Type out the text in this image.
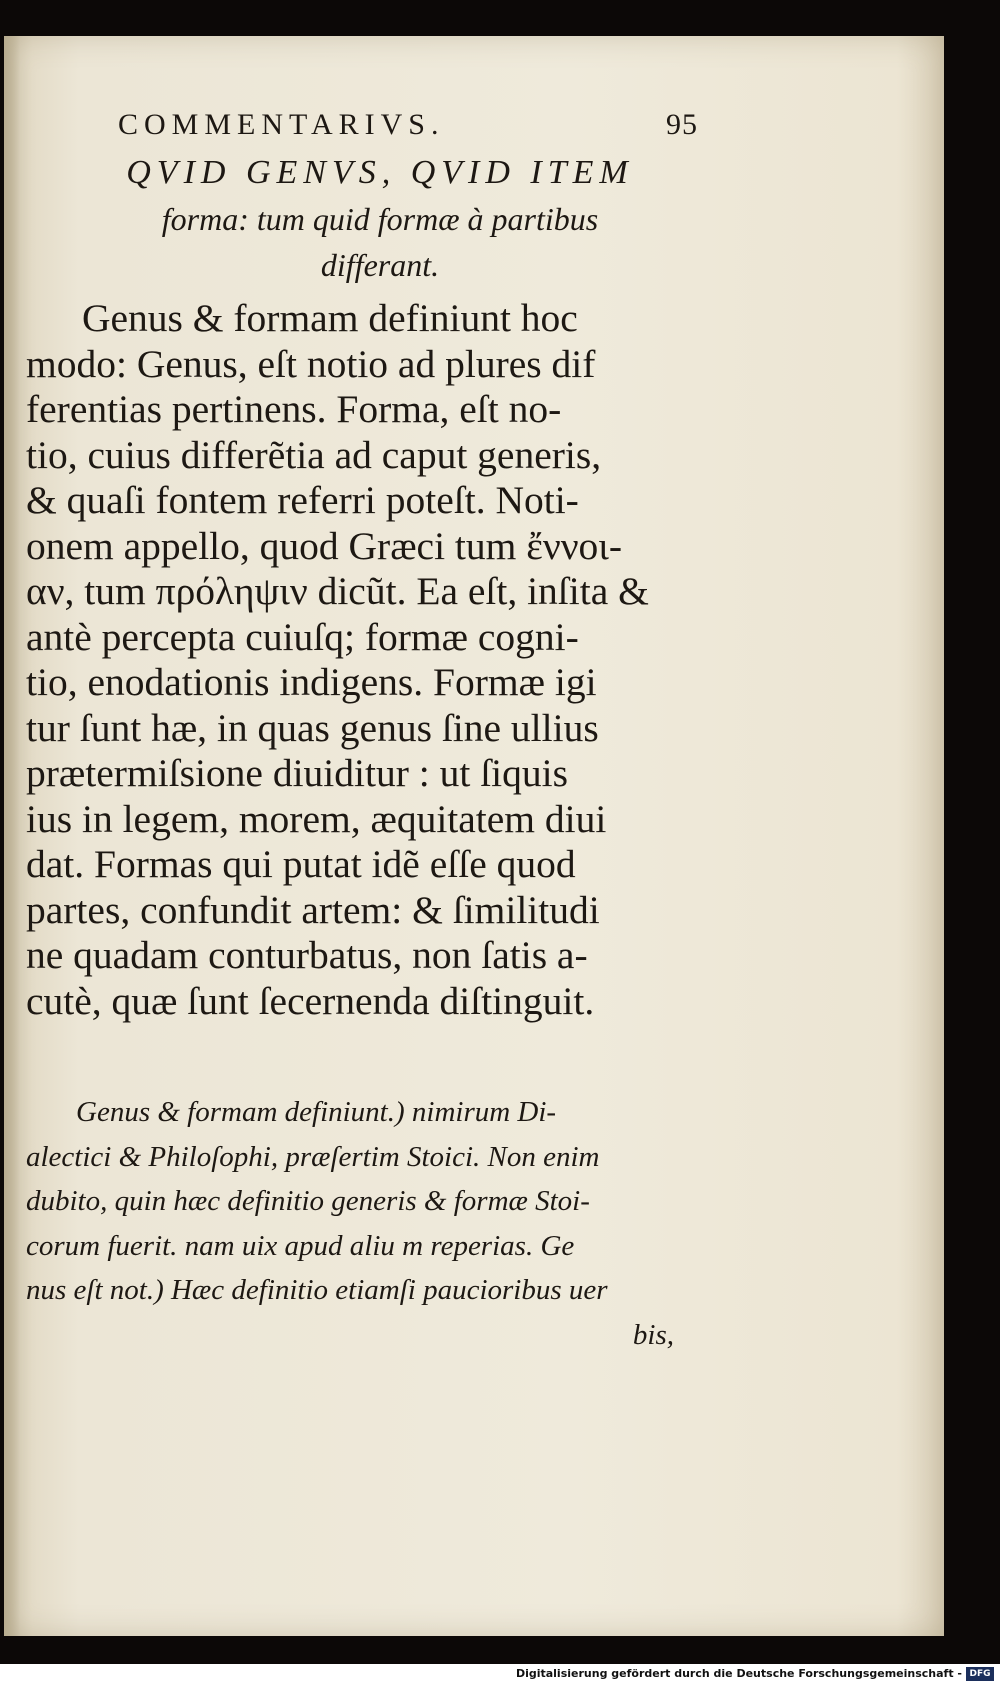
COMMENTARIVS.	95
QVID GENVS, QVID ITEM
forma: tum quid formæ à partibus
differant.
Genus & formam definiunt hoc
modo: Genus, eſt notio ad plures dif
ferentias pertinens. Forma, eſt no-
tio, cuius differẽtia ad caput generis,
& quaſi fontem referri poteſt. Noti-
onem appello, quod Græci tum ἔννοι-
αν, tum πρόληψιν dicũt. Ea eſt, inſita &
antè percepta cuiuſq; formæ cogni-
tio, enodationis indigens. Formæ igi
tur ſunt hæ, in quas genus ſine ullius
prætermiſsione diuiditur : ut ſiquis
ius in legem, morem, æquitatem diui
dat. Formas qui putat idẽ eſſe quod
partes, confundit artem: & ſimilitudi
ne quadam conturbatus, non ſatis a-
cutè, quæ ſunt ſecernenda diſtinguit.
Genus & formam definiunt.) nimirum Di-
alectici & Philoſophi, præſertim Stoici. Non enim
dubito, quin hæc definitio generis & formæ Stoi-
corum fuerit. nam uix apud aliu m reperias. Ge
nus eſt not.) Hæc definitio etiamſi paucioribus uer
bis,
Digitalisierung gefördert durch die Deutsche Forschungsgemeinschaft - DFG
